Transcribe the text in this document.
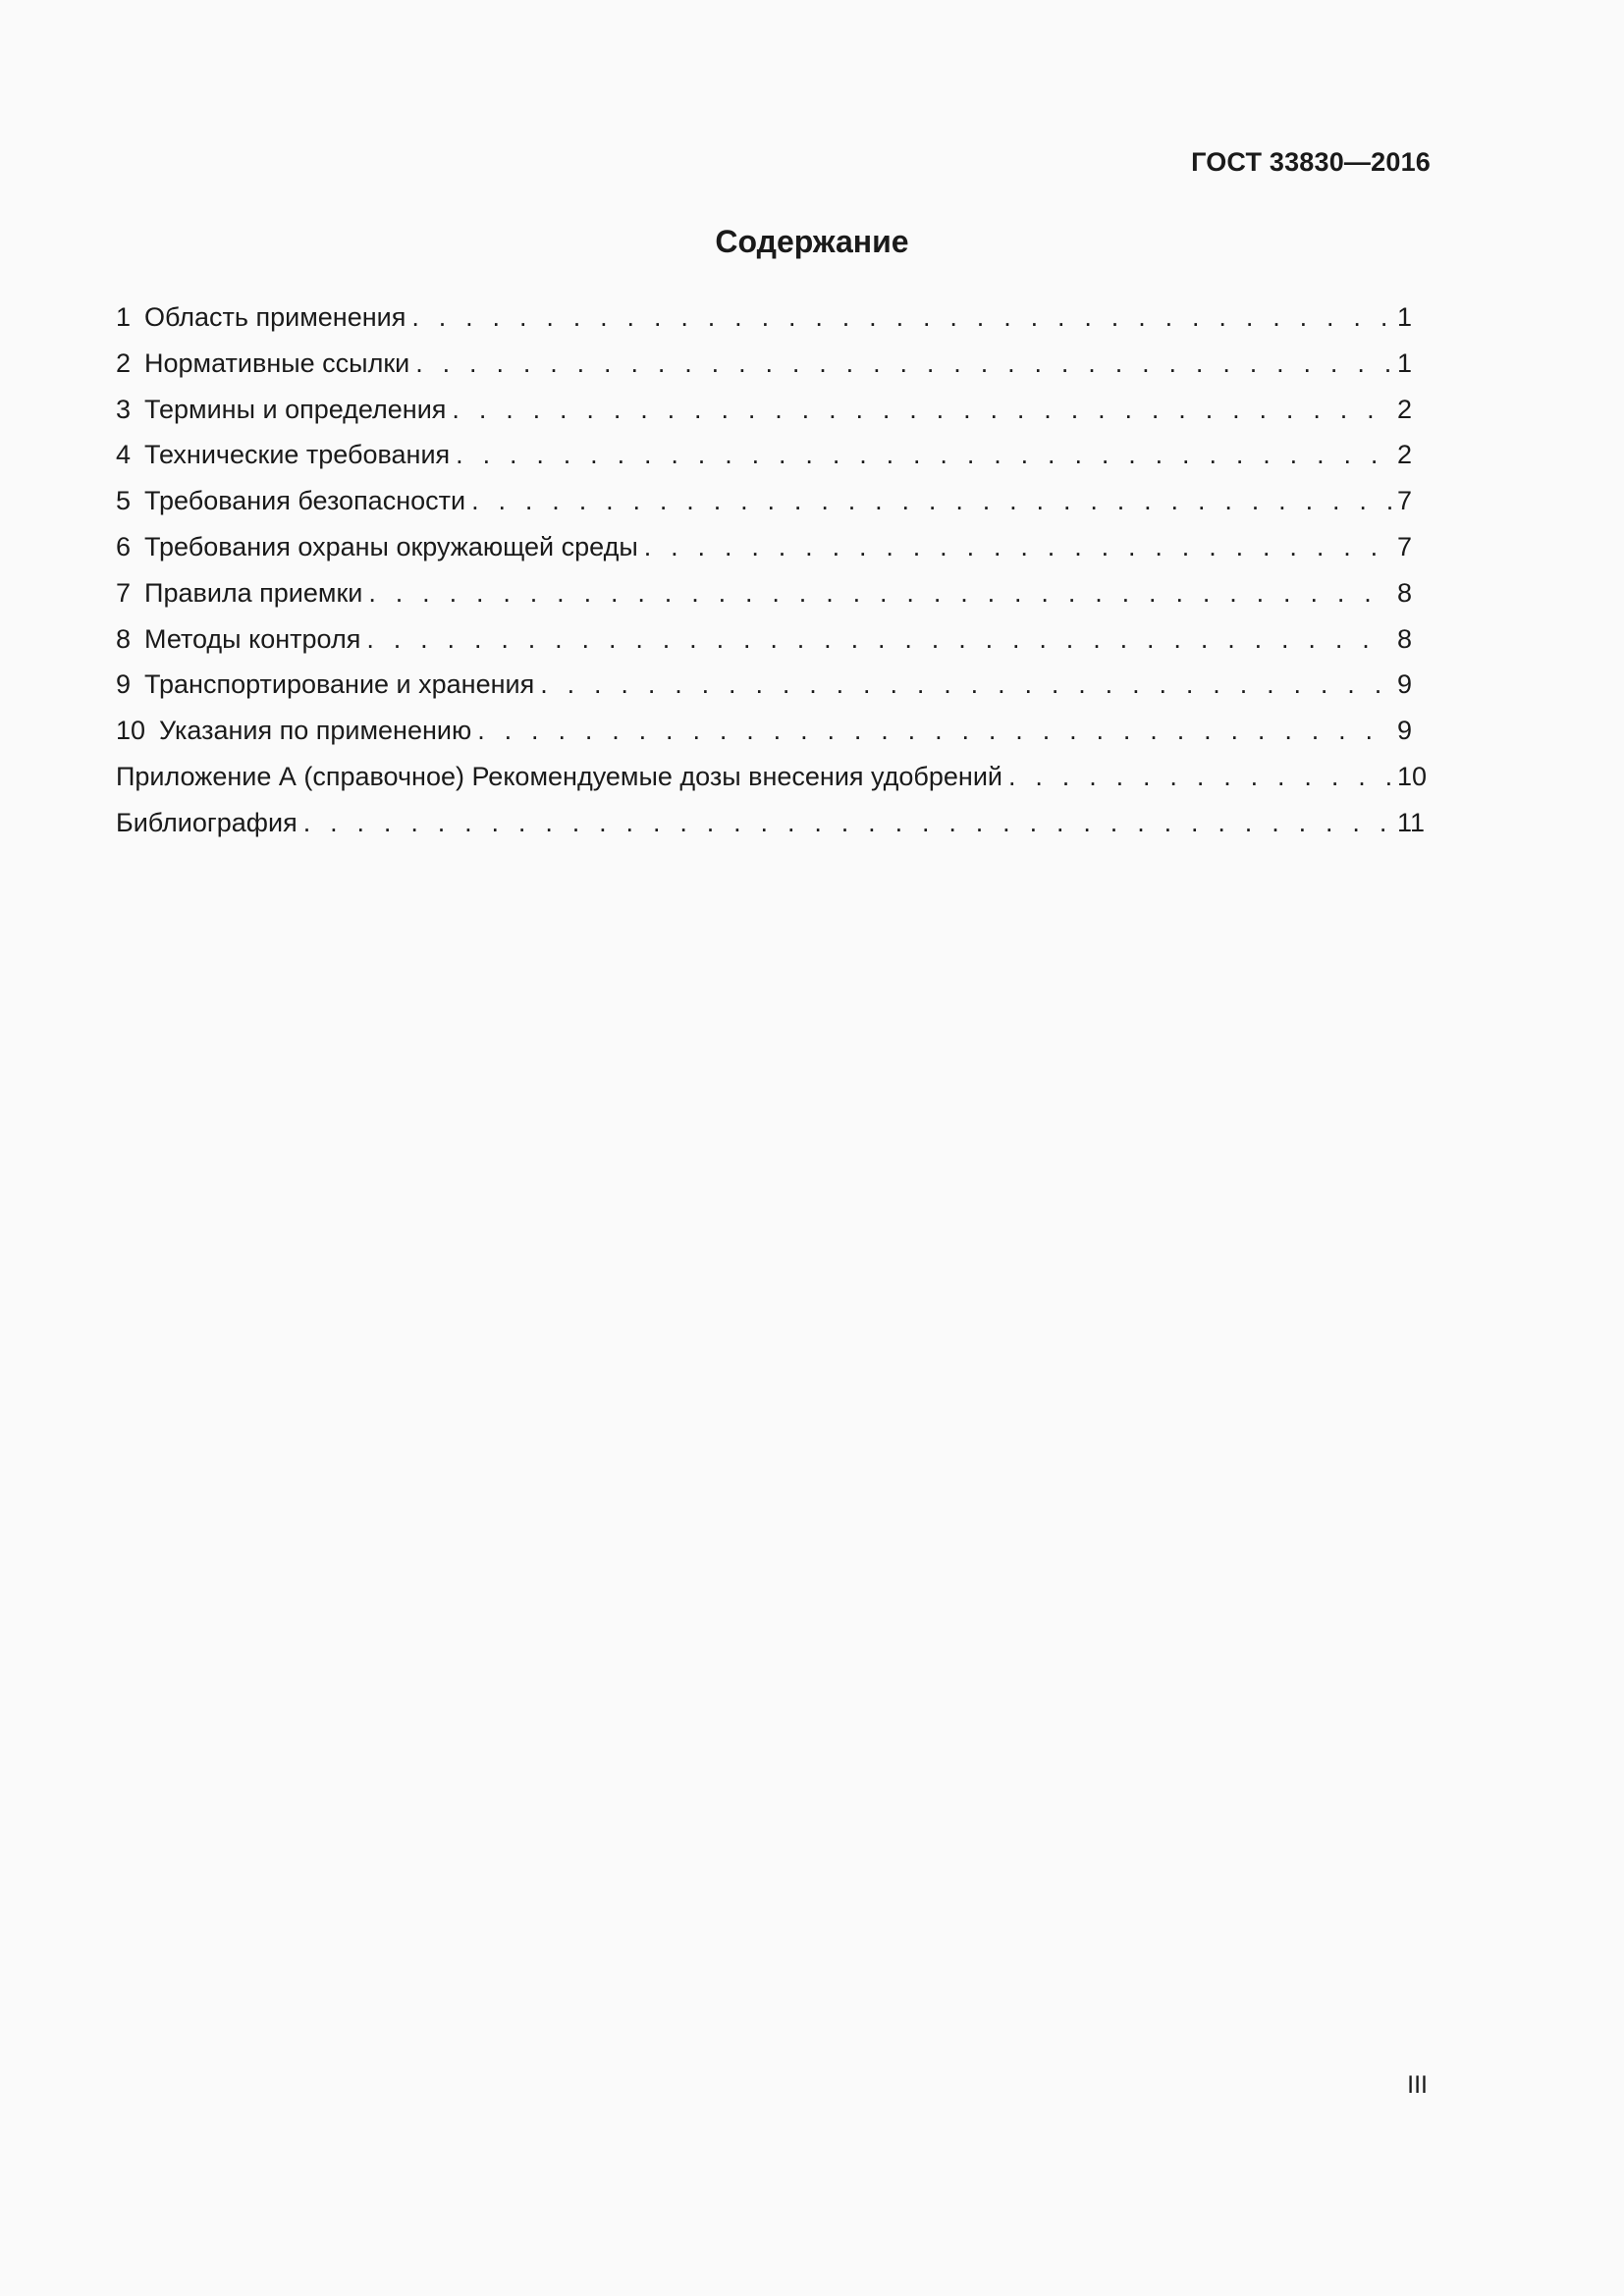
ГОСТ 33830—2016

Содержание
1 Область применения . . .	1
2 Нормативные ссылки . . .	1
3 Термины и определения . . .	2
4 Технические требования . . .	2
5 Требования безопасности . . .	7
6 Требования охраны окружающей среды . . .	7
7 Правила приемки . . .	8
8 Методы контроля . . .	8
9 Транспортирование и хранения . . .	9
10 Указания по применению . . .	9
Приложение А (справочное) Рекомендуемые дозы внесения удобрений . . .	10
Библиография . . .	11

III
